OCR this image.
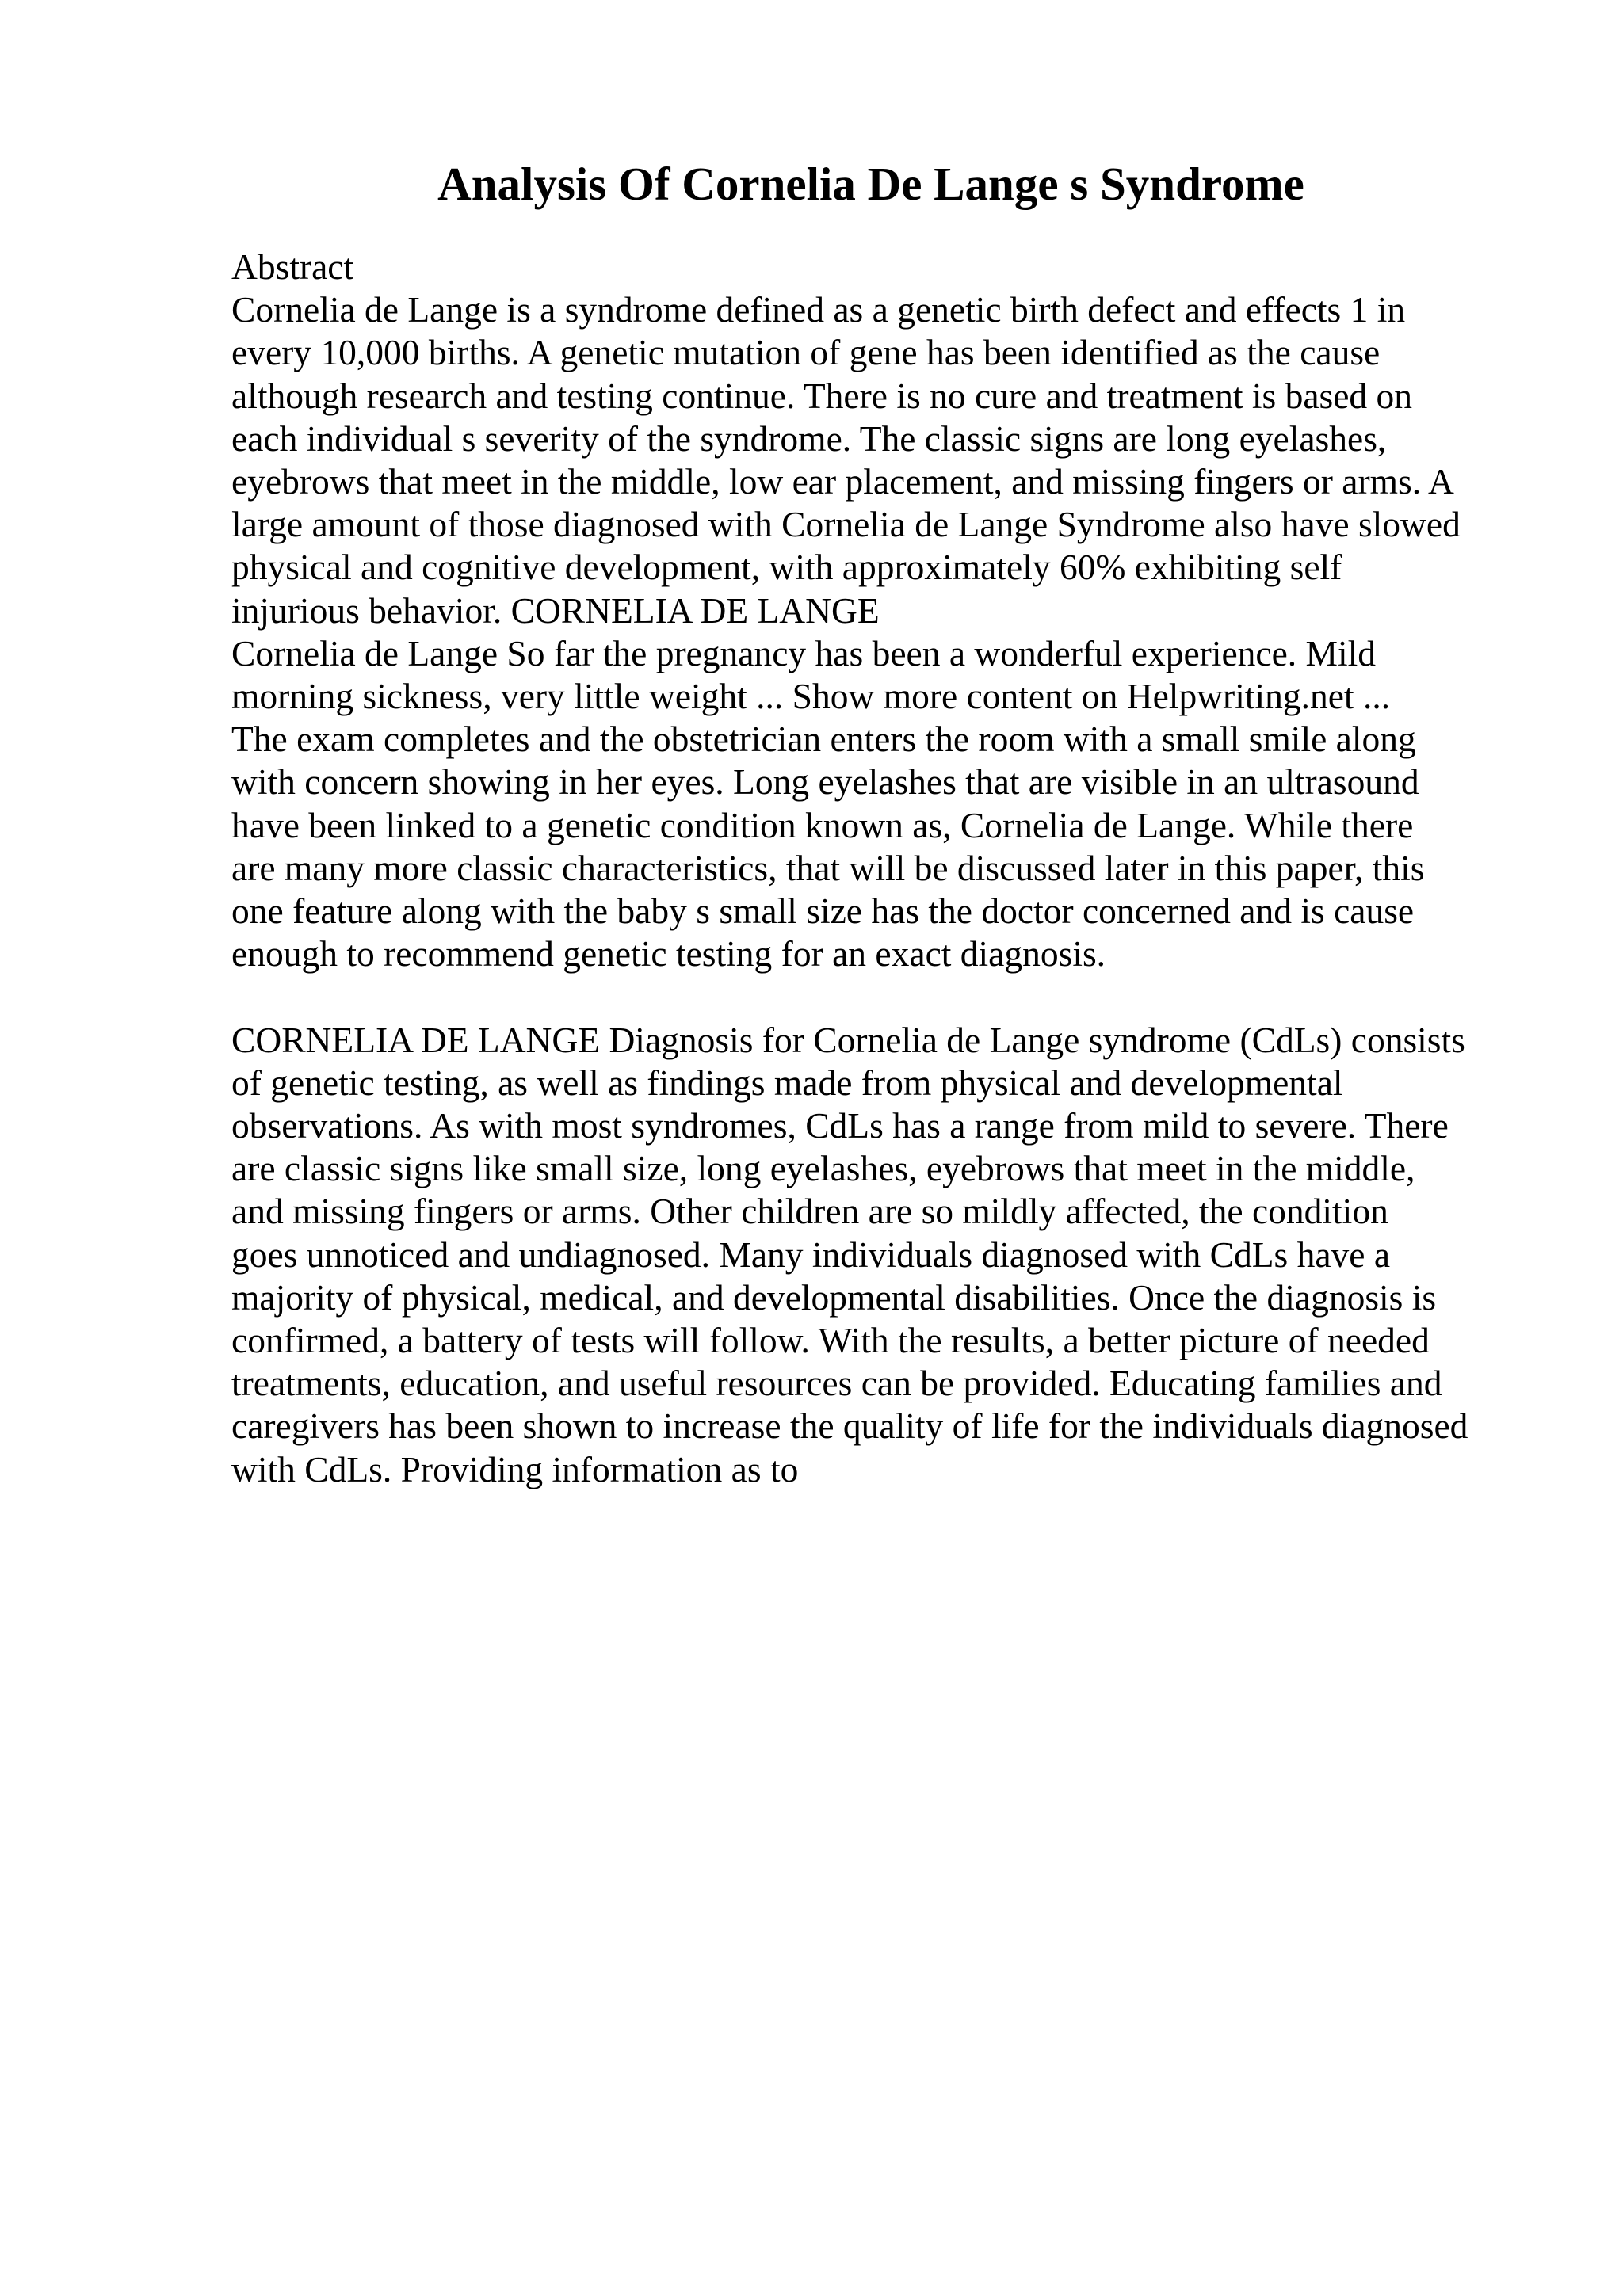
Analysis Of Cornelia De Lange s Syndrome
Abstract
Cornelia de Lange is a syndrome defined as a genetic birth defect and effects 1 in
every 10,000 births. A genetic mutation of gene has been identified as the cause
although research and testing continue. There is no cure and treatment is based on
each individual s severity of the syndrome. The classic signs are long eyelashes,
eyebrows that meet in the middle, low ear placement, and missing fingers or arms. A
large amount of those diagnosed with Cornelia de Lange Syndrome also have slowed
physical and cognitive development, with approximately 60% exhibiting self
injurious behavior. CORNELIA DE LANGE
Cornelia de Lange So far the pregnancy has been a wonderful experience. Mild
morning sickness, very little weight ... Show more content on Helpwriting.net ...
The exam completes and the obstetrician enters the room with a small smile along
with concern showing in her eyes. Long eyelashes that are visible in an ultrasound
have been linked to a genetic condition known as, Cornelia de Lange. While there
are many more classic characteristics, that will be discussed later in this paper, this
one feature along with the baby s small size has the doctor concerned and is cause
enough to recommend genetic testing for an exact diagnosis.
CORNELIA DE LANGE Diagnosis for Cornelia de Lange syndrome (CdLs) consists
of genetic testing, as well as findings made from physical and developmental
observations. As with most syndromes, CdLs has a range from mild to severe. There
are classic signs like small size, long eyelashes, eyebrows that meet in the middle,
and missing fingers or arms. Other children are so mildly affected, the condition
goes unnoticed and undiagnosed. Many individuals diagnosed with CdLs have a
majority of physical, medical, and developmental disabilities. Once the diagnosis is
confirmed, a battery of tests will follow. With the results, a better picture of needed
treatments, education, and useful resources can be provided. Educating families and
caregivers has been shown to increase the quality of life for the individuals diagnosed
with CdLs. Providing information as to
